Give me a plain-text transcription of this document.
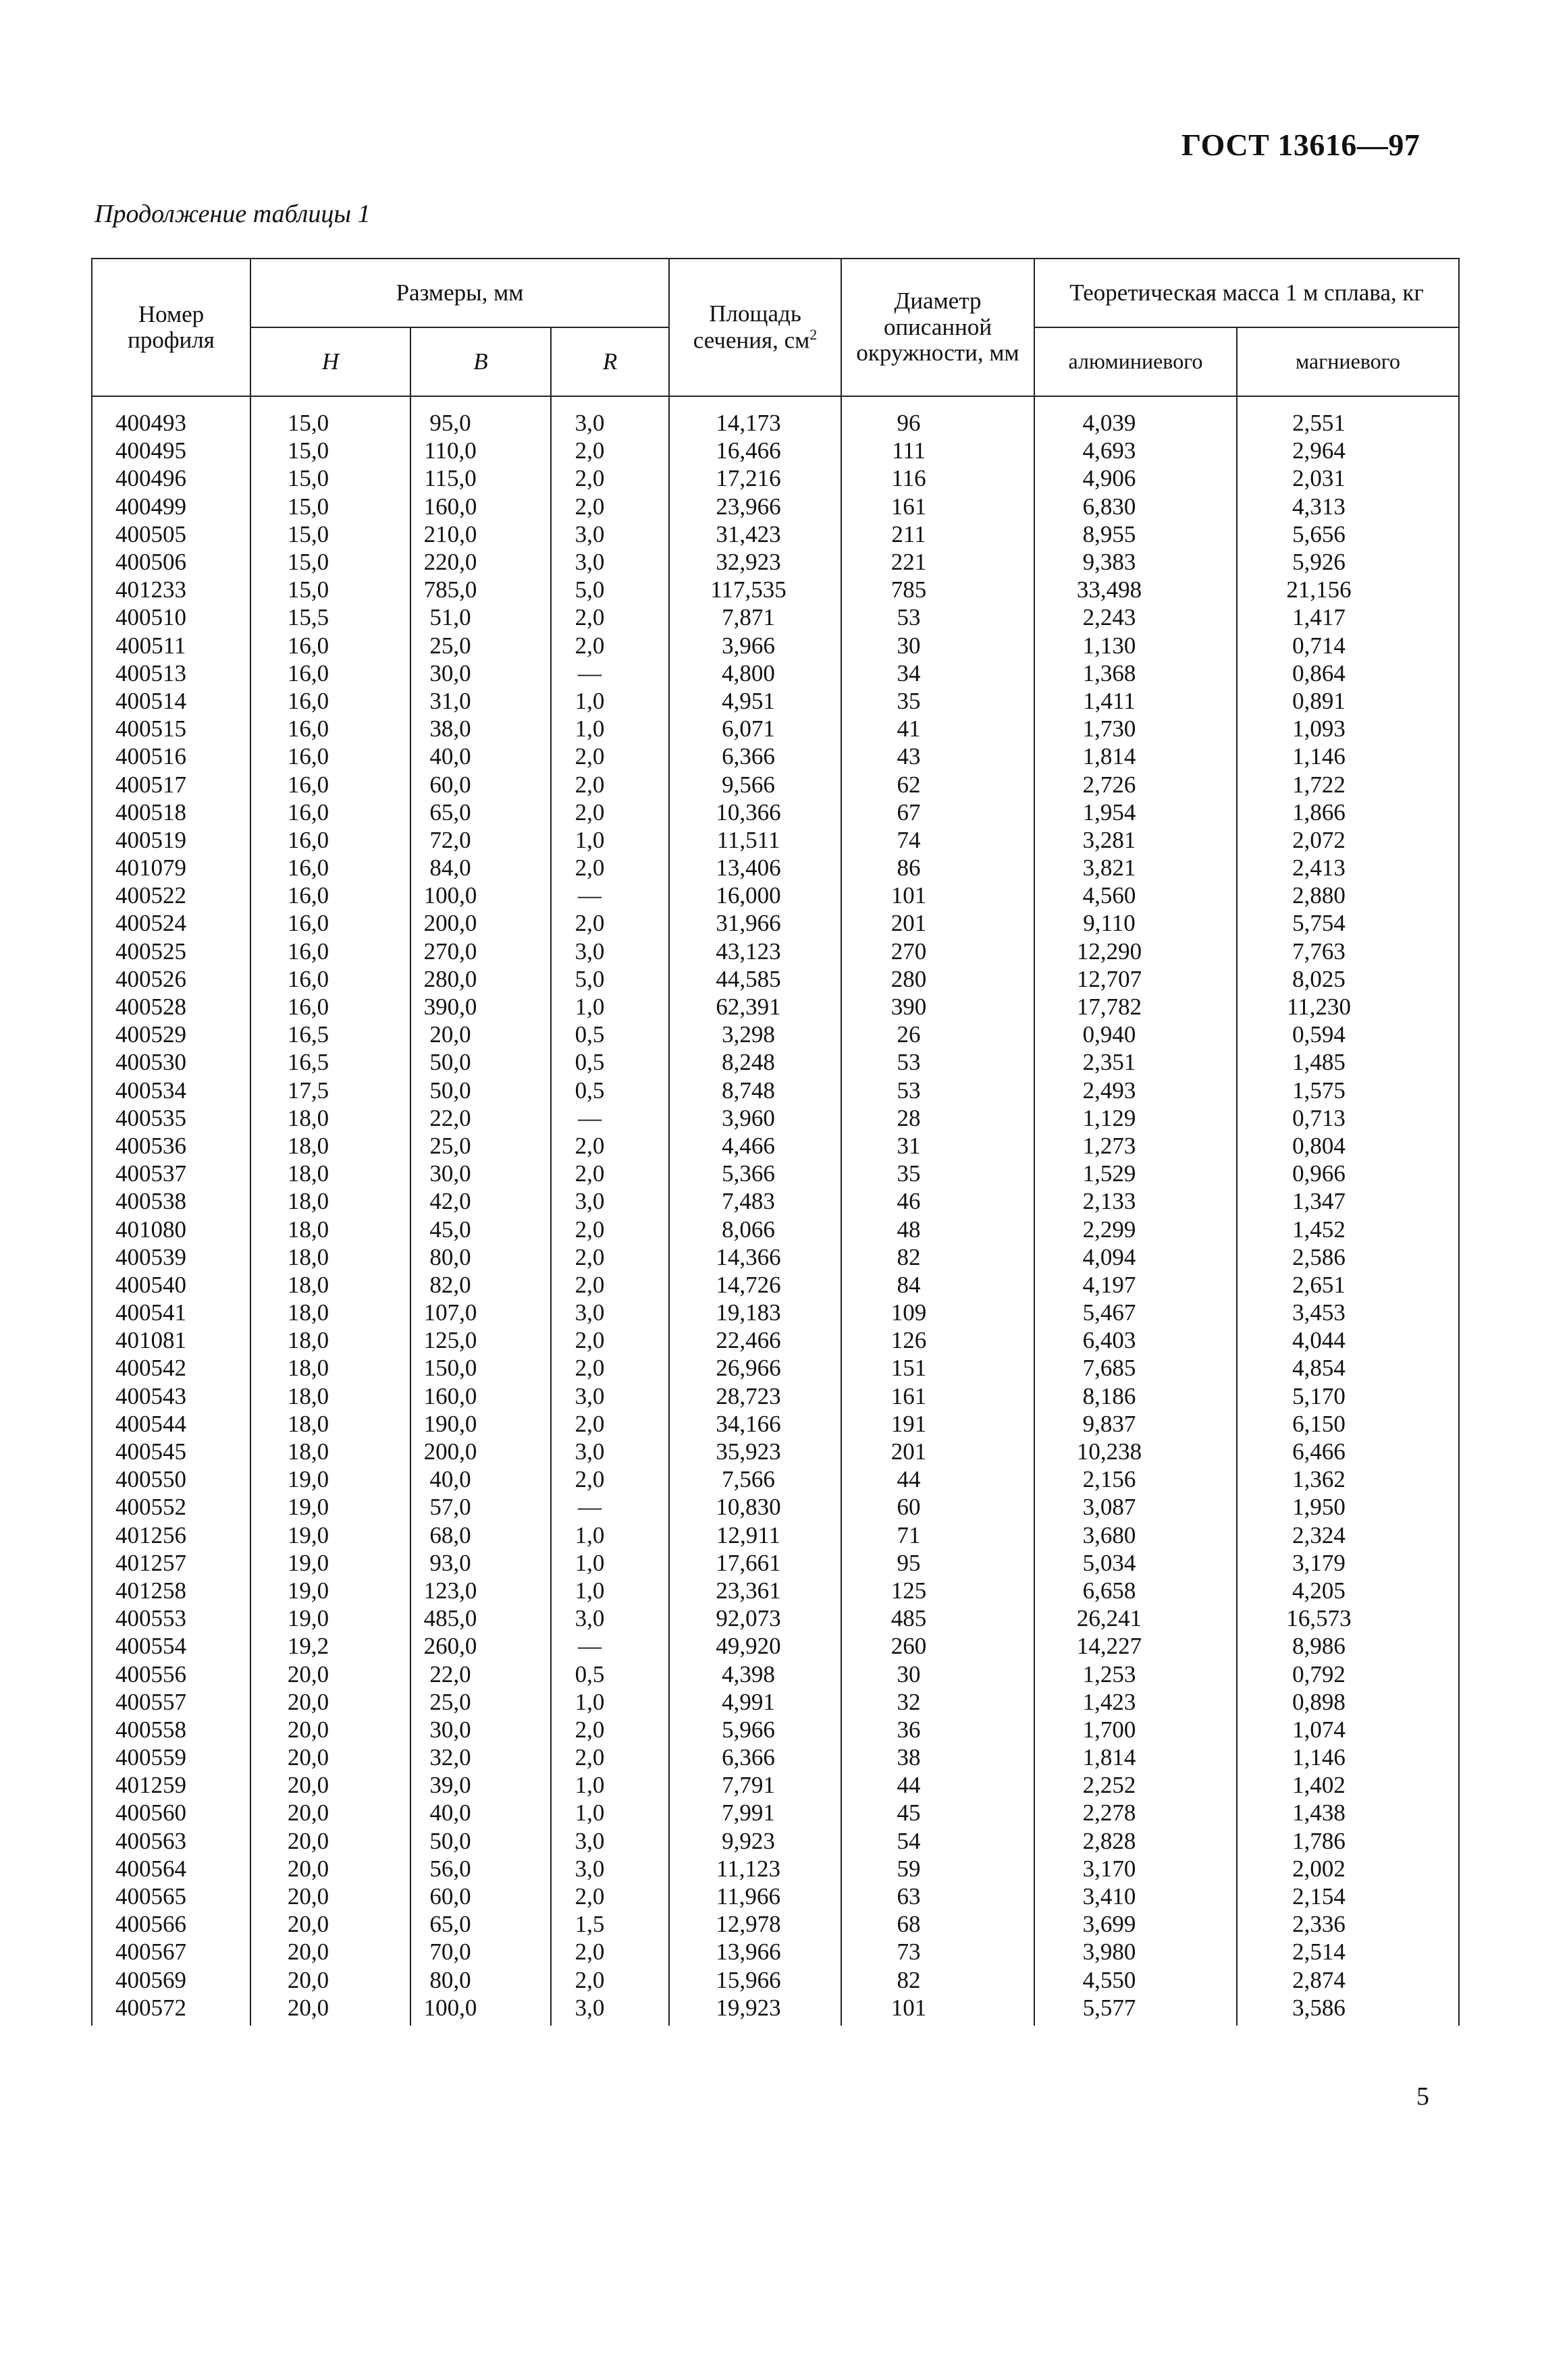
ГОСТ 13616—97
Продолжение таблицы 1
Номер профиля	Размеры, мм			Площадь сечения, $см^2$	Диаметр описанной окружности, мм	Теоретическая масса 1 м сплава, кг	
	H	B	R			алюминиевого	магниевого
400493	15,0	95,0	3,0	14,173	96	4,039	2,551
400495	15,0	110,0	2,0	16,466	111	4,693	2,964
400496	15,0	115,0	2,0	17,216	116	4,906	2,031
400499	15,0	160,0	2,0	23,966	161	6,830	4,313
400505	15,0	210,0	3,0	31,423	211	8,955	5,656
400506	15,0	220,0	3,0	32,923	221	9,383	5,926
401233	15,0	785,0	5,0	117,535	785	33,498	21,156
400510	15,5	51,0	2,0	7,871	53	2,243	1,417
400511	16,0	25,0	2,0	3,966	30	1,130	0,714
400513	16,0	30,0	—	4,800	34	1,368	0,864
400514	16,0	31,0	1,0	4,951	35	1,411	0,891
400515	16,0	38,0	1,0	6,071	41	1,730	1,093
400516	16,0	40,0	2,0	6,366	43	1,814	1,146
400517	16,0	60,0	2,0	9,566	62	2,726	1,722
400518	16,0	65,0	2,0	10,366	67	1,954	1,866
400519	16,0	72,0	1,0	11,511	74	3,281	2,072
401079	16,0	84,0	2,0	13,406	86	3,821	2,413
400522	16,0	100,0	—	16,000	101	4,560	2,880
400524	16,0	200,0	2,0	31,966	201	9,110	5,754
400525	16,0	270,0	3,0	43,123	270	12,290	7,763
400526	16,0	280,0	5,0	44,585	280	12,707	8,025
400528	16,0	390,0	1,0	62,391	390	17,782	11,230
400529	16,5	20,0	0,5	3,298	26	0,940	0,594
400530	16,5	50,0	0,5	8,248	53	2,351	1,485
400534	17,5	50,0	0,5	8,748	53	2,493	1,575
400535	18,0	22,0	—	3,960	28	1,129	0,713
400536	18,0	25,0	2,0	4,466	31	1,273	0,804
400537	18,0	30,0	2,0	5,366	35	1,529	0,966
400538	18,0	42,0	3,0	7,483	46	2,133	1,347
401080	18,0	45,0	2,0	8,066	48	2,299	1,452
400539	18,0	80,0	2,0	14,366	82	4,094	2,586
400540	18,0	82,0	2,0	14,726	84	4,197	2,651
400541	18,0	107,0	3,0	19,183	109	5,467	3,453
401081	18,0	125,0	2,0	22,466	126	6,403	4,044
400542	18,0	150,0	2,0	26,966	151	7,685	4,854
400543	18,0	160,0	3,0	28,723	161	8,186	5,170
400544	18,0	190,0	2,0	34,166	191	9,837	6,150
400545	18,0	200,0	3,0	35,923	201	10,238	6,466
400550	19,0	40,0	2,0	7,566	44	2,156	1,362
400552	19,0	57,0	—	10,830	60	3,087	1,950
401256	19,0	68,0	1,0	12,911	71	3,680	2,324
401257	19,0	93,0	1,0	17,661	95	5,034	3,179
401258	19,0	123,0	1,0	23,361	125	6,658	4,205
400553	19,0	485,0	3,0	92,073	485	26,241	16,573
400554	19,2	260,0	—	49,920	260	14,227	8,986
400556	20,0	22,0	0,5	4,398	30	1,253	0,792
400557	20,0	25,0	1,0	4,991	32	1,423	0,898
400558	20,0	30,0	2,0	5,966	36	1,700	1,074
400559	20,0	32,0	2,0	6,366	38	1,814	1,146
401259	20,0	39,0	1,0	7,791	44	2,252	1,402
400560	20,0	40,0	1,0	7,991	45	2,278	1,438
400563	20,0	50,0	3,0	9,923	54	2,828	1,786
400564	20,0	56,0	3,0	11,123	59	3,170	2,002
400565	20,0	60,0	2,0	11,966	63	3,410	2,154
400566	20,0	65,0	1,5	12,978	68	3,699	2,336
400567	20,0	70,0	2,0	13,966	73	3,980	2,514
400569	20,0	80,0	2,0	15,966	82	4,550	2,874
400572	20,0	100,0	3,0	19,923	101	5,577	3,586
5
